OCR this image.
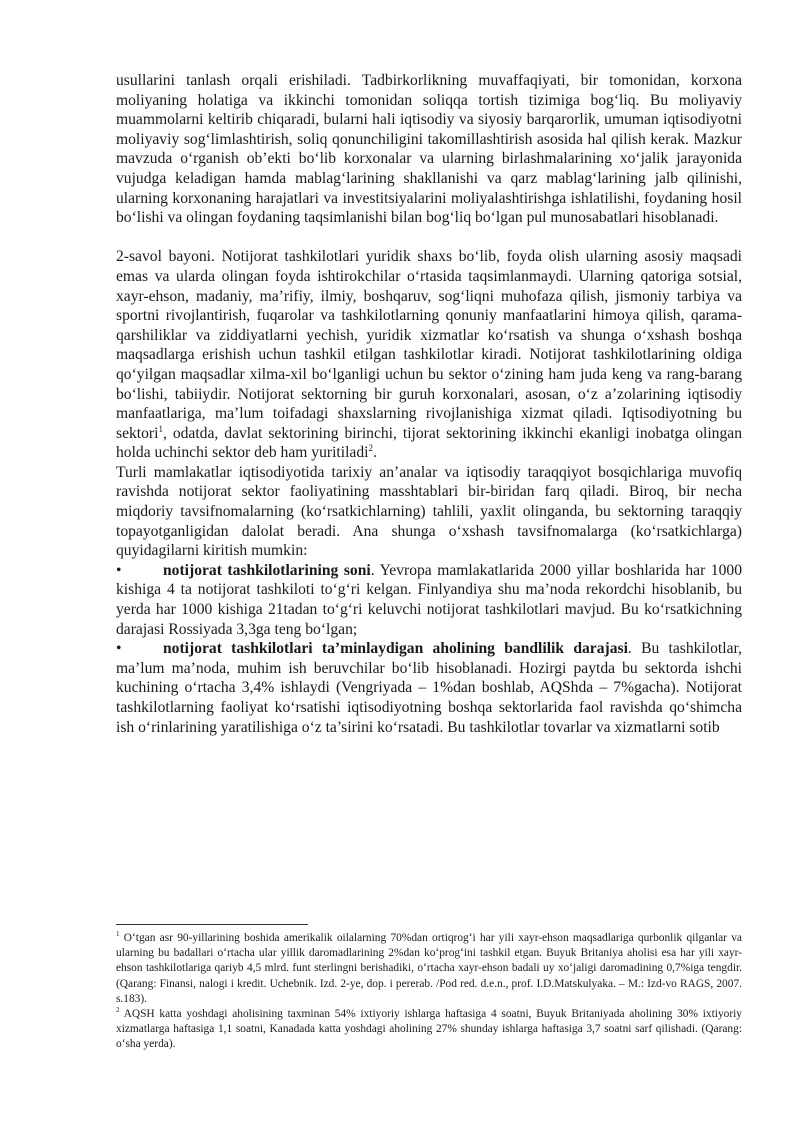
usullarini tanlash orqali erishiladi. Tadbirkorlikning muvaffaqiyati, bir tomonidan, korxona moliyaning holatiga va ikkinchi tomonidan soliqqa tortish tizimiga bog‘liq. Bu moliyaviy muammolarni keltirib chiqaradi, bularni hali iqtisodiy va siyosiy barqarorlik, umuman iqtisodiyotni moliyaviy sog‘limlashtirish, soliq qonunchiligini takomillashtirish asosida hal qilish kerak. Mazkur mavzuda o‘rganish ob’ekti bo‘lib korxonalar va ularning birlashmalarining xo‘jalik jarayonida vujudga keladigan hamda mablag‘larining shakllanishi va qarz mablag‘larining jalb qilinishi, ularning korxonaning harajatlari va investitsiyalarini moliyalashtirishga ishlatilishi, foydaning hosil bo‘lishi va olingan foydaning taqsimlanishi bilan bog‘liq bo‘lgan pul munosabatlari hisoblanadi.

2-savol bayoni. Notijorat tashkilotlari yuridik shaxs bo‘lib, foyda olish ularning asosiy maqsadi emas va ularda olingan foyda ishtirokchilar o‘rtasida taqsimlanmaydi. Ularning qatoriga sotsial, xayr-ehson, madaniy, ma’rifiy, ilmiy, boshqaruv, sog‘liqni muhofaza qilish, jismoniy tarbiya va sportni rivojlantirish, fuqarolar va tashkilotlarning qonuniy manfaatlarini himoya qilish, qarama-qarshiliklar va ziddiyatlarni yechish, yuridik xizmatlar ko‘rsatish va shunga o‘xshash boshqa maqsadlarga erishish uchun tashkil etilgan tashkilotlar kiradi. Notijorat tashkilotlarining oldiga qo‘yilgan maqsadlar xilma-xil bo‘lganligi uchun bu sektor o‘zining ham juda keng va rang-barang bo‘lishi, tabiiydir. Notijorat sektorning bir guruh korxonalari, asosan, o‘z a’zolarining iqtisodiy manfaatlariga, ma’lum toifadagi shaxslarning rivojlanishiga xizmat qiladi. Iqtisodiyotning bu sektori$^1$, odatda, davlat sektorining birinchi, tijorat sektorining ikkinchi ekanligi inobatga olingan holda uchinchi sektor deb ham yuritiladi$^2$.

Turli mamlakatlar iqtisodiyotida tarixiy an’analar va iqtisodiy taraqqiyot bosqichlariga muvofiq ravishda notijorat sektor faoliyatining masshtablari bir-biridan farq qiladi. Biroq, bir necha miqdoriy tavsifnomalarning (ko‘rsatkichlarning) tahlili, yaxlit olinganda, bu sektorning taraqqiy topayotganligidan dalolat beradi. Ana shunga o‘xshash tavsifnomalarga (ko‘rsatkichlarga) quyidagilarni kiritish mumkin:

•	notijorat tashkilotlarining soni. Yevropa mamlakatlarida 2000 yillar boshlarida har 1000 kishiga 4 ta notijorat tashkiloti to‘g‘ri kelgan. Finlyandiya shu ma’noda rekordchi hisoblanib, bu yerda har 1000 kishiga 21tadan to‘g‘ri keluvchi notijorat tashkilotlari mavjud. Bu ko‘rsatkichning darajasi Rossiyada 3,3ga teng bo‘lgan;

•	notijorat tashkilotlari ta’minlaydigan aholining bandlilik darajasi. Bu tashkilotlar, ma’lum ma’noda, muhim ish beruvchilar bo‘lib hisoblanadi. Hozirgi paytda bu sektorda ishchi kuchining o‘rtacha 3,4% ishlaydi (Vengriyada – 1%dan boshlab, AQShda – 7%gacha). Notijorat tashkilotlarning faoliyat ko‘rsatishi iqtisodiyotning boshqa sektorlarida faol ravishda qo‘shimcha ish o‘rinlarining yaratilishiga o‘z ta’sirini ko‘rsatadi. Bu tashkilotlar tovarlar va xizmatlarni sotib

$^1$ O‘tgan asr 90-yillarining boshida amerikalik oilalarning 70%dan ortiqrog‘i har yili xayr-ehson maqsadlariga qurbonlik qilganlar va ularning bu badallari o‘rtacha ular yillik daromadlarining 2%dan ko‘prog‘ini tashkil etgan. Buyuk Britaniya aholisi esa har yili xayr-ehson tashkilotlariga qariyb 4,5 mlrd. funt sterlingni berishadiki, o‘rtacha xayr-ehson badali uy xo‘jaligi daromadining 0,7%iga tengdir. (Qarang: Finansi, nalogi i kredit. Uchebnik. Izd. 2-ye, dop. i pererab. /Pod red. d.e.n., prof. I.D.Matskulyaka. – M.: Izd-vo RAGS, 2007. s.183).

$^2$ AQSH katta yoshdagi aholisining taxminan 54% ixtiyoriy ishlarga haftasiga 4 soatni, Buyuk Britaniyada aholining 30% ixtiyoriy xizmatlarga haftasiga 1,1 soatni, Kanadada katta yoshdagi aholining 27% shunday ishlarga haftasiga 3,7 soatni sarf qilishadi. (Qarang: o‘sha yerda).
